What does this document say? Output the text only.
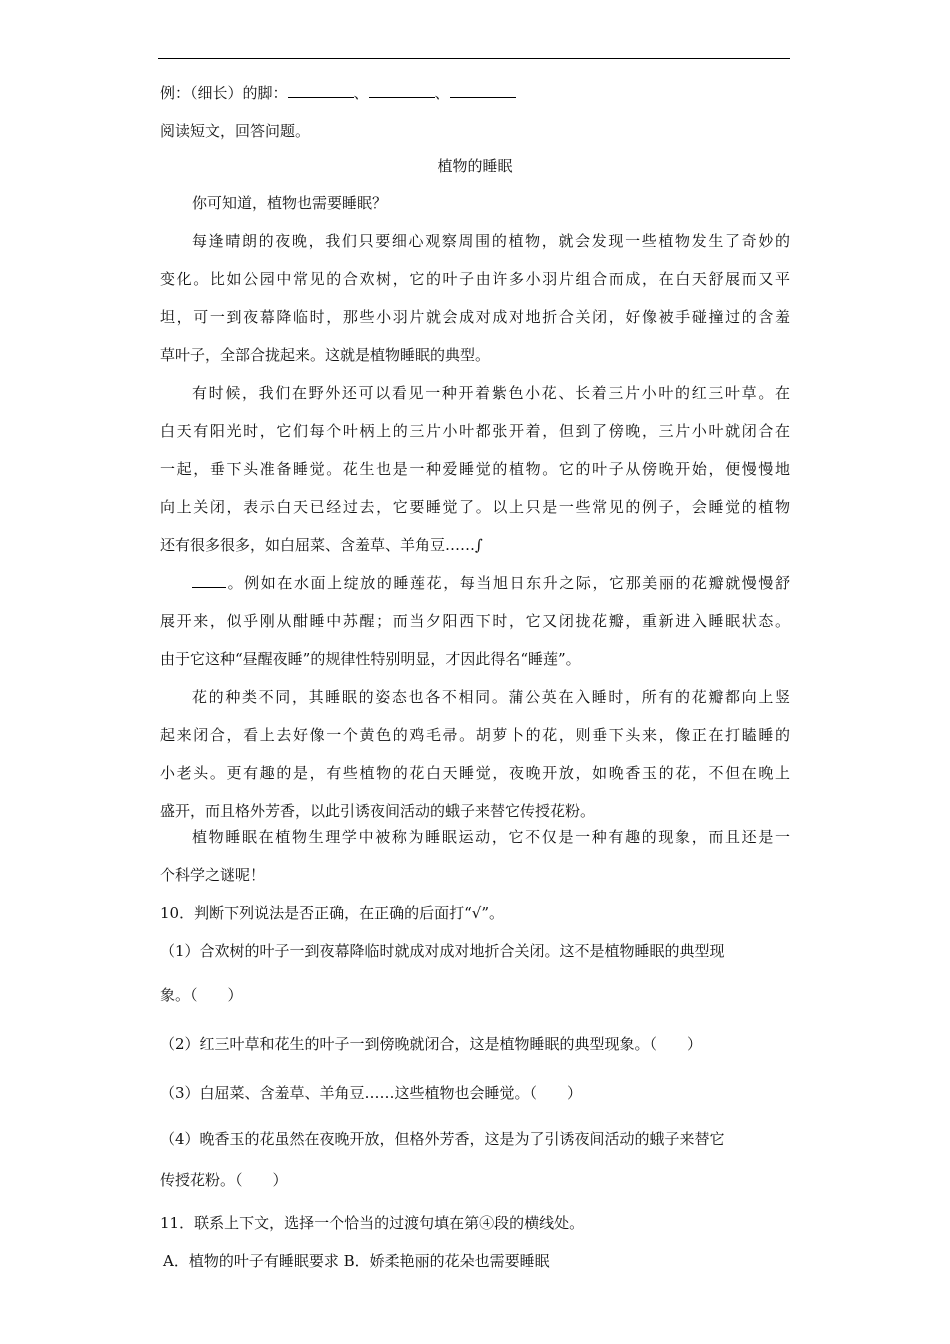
例：（细长）的脚：	、	、
阅读短文，回答问题。
植物的睡眠
你可知道，植物也需要睡眠？
每逢晴朗的夜晚，我们只要细心观察周围的植物，就会发现一些植物发生了奇妙的
变化。比如公园中常见的合欢树，它的叶子由许多小羽片组合而成，在白天舒展而又平
坦，可一到夜幕降临时，那些小羽片就会成对成对地折合关闭，好像被手碰撞过的含羞
草叶子，全部合拢起来。这就是植物睡眠的典型。
有时候，我们在野外还可以看见一种开着紫色小花、长着三片小叶的红三叶草。在
白天有阳光时，它们每个叶柄上的三片小叶都张开着，但到了傍晚，三片小叶就闭合在
一起，垂下头准备睡觉。花生也是一种爱睡觉的植物。它的叶子从傍晚开始，便慢慢地
向上关闭，表示白天已经过去，它要睡觉了。以上只是一些常见的例子，会睡觉的植物
还有很多很多，如白屈菜、含羞草、羊角豆……∫
。例如在水面上绽放的睡莲花，每当旭日东升之际，它那美丽的花瓣就慢慢舒
展开来，似乎刚从酣睡中苏醒；而当夕阳西下时，它又闭拢花瓣，重新进入睡眠状态。
由于它这种“昼醒夜睡”的规律性特别明显，才因此得名“睡莲”。
花的种类不同，其睡眠的姿态也各不相同。蒲公英在入睡时，所有的花瓣都向上竖
起来闭合，看上去好像一个黄色的鸡毛帚。胡萝卜的花，则垂下头来，像正在打瞌睡的
小老头。更有趣的是，有些植物的花白天睡觉，夜晚开放，如晚香玉的花，不但在晚上
盛开，而且格外芳香，以此引诱夜间活动的蛾子来替它传授花粉。
植物睡眠在植物生理学中被称为睡眠运动，它不仅是一种有趣的现象，而且还是一
个科学之谜呢！
10．判断下列说法是否正确，在正确的后面打“√”。
（1）合欢树的叶子一到夜幕降临时就成对成对地折合关闭。这不是植物睡眠的典型现
象。（　　）
（2）红三叶草和花生的叶子一到傍晚就闭合，这是植物睡眠的典型现象。（　　）
（3）白屈菜、含羞草、羊角豆……这些植物也会睡觉。（　　）
（4）晚香玉的花虽然在夜晚开放，但格外芳香，这是为了引诱夜间活动的蛾子来替它
传授花粉。（　　）
11．联系上下文，选择一个恰当的过渡句填在第④段的横线处。
A．植物的叶子有睡眠要求 B．娇柔艳丽的花朵也需要睡眠
